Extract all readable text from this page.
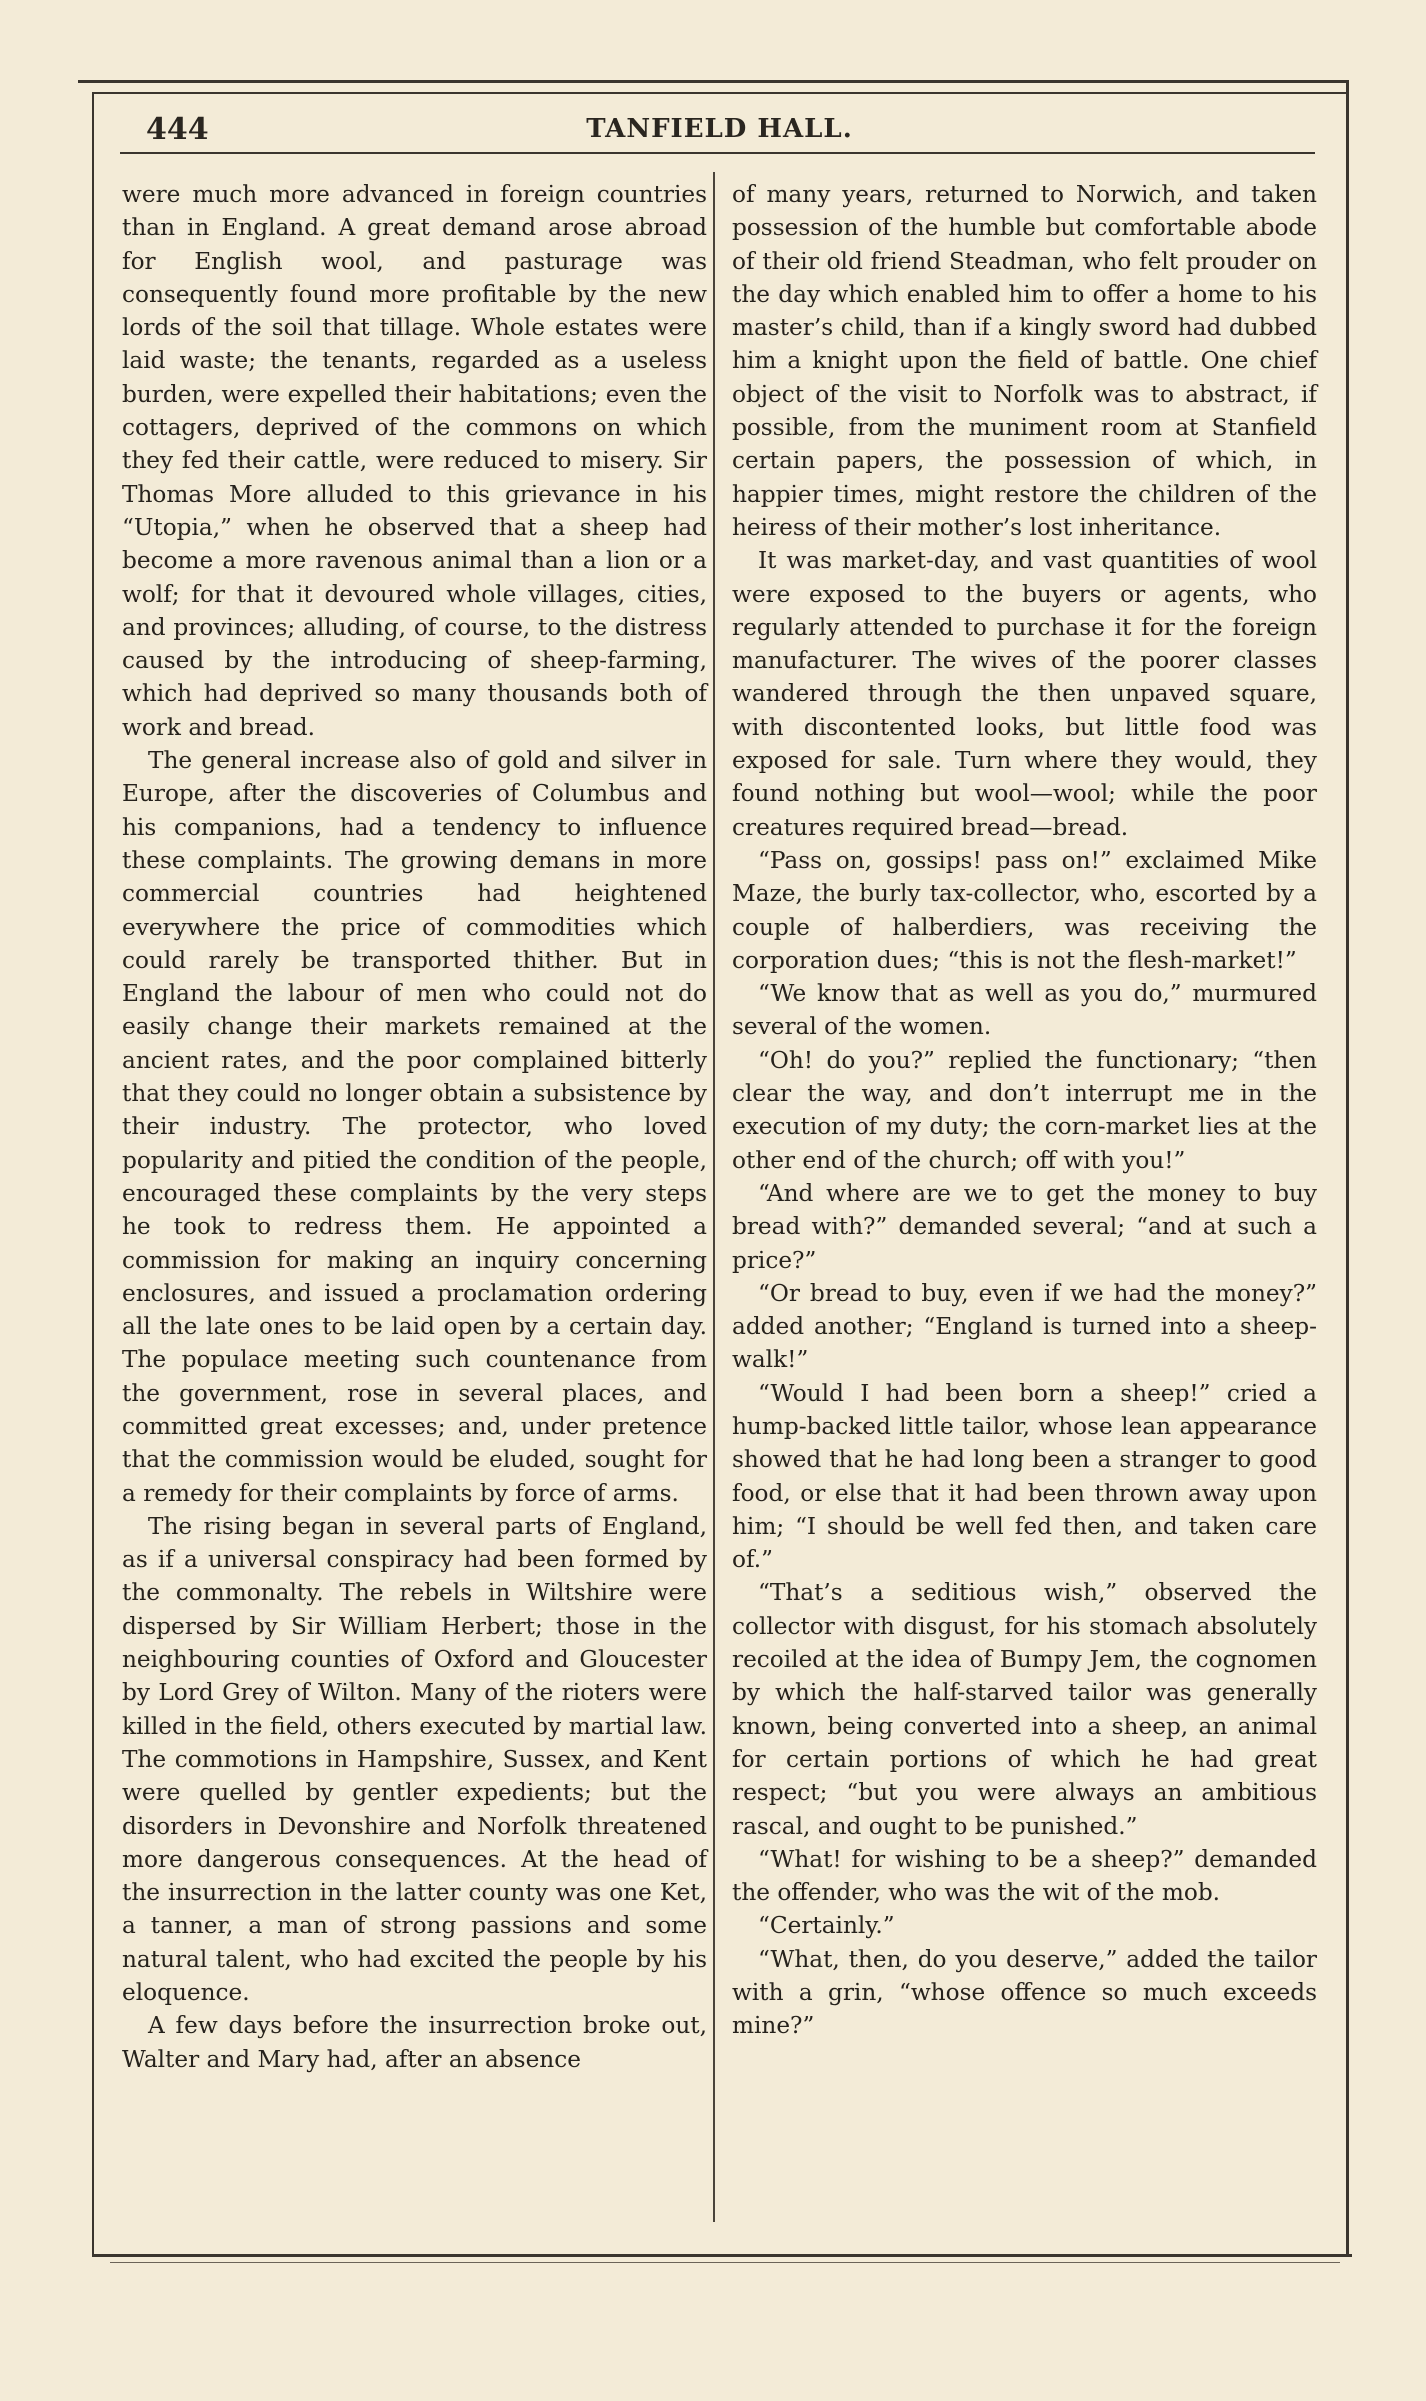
444	TANFIELD HALL.

were much more advanced in foreign countries than in England. A great demand arose abroad for English wool, and pasturage was consequently found more profitable by the new lords of the soil that tillage. Whole estates were laid waste; the tenants, regarded as a useless burden, were expelled their habitations; even the cottagers, deprived of the commons on which they fed their cattle, were reduced to misery. Sir Thomas More alluded to this grievance in his “Utopia,” when he observed that a sheep had become a more ravenous animal than a lion or a wolf; for that it devoured whole villages, cities, and provinces; alluding, of course, to the distress caused by the introducing of sheep-farming, which had deprived so many thousands both of work and bread.

The general increase also of gold and silver in Europe, after the discoveries of Columbus and his companions, had a tendency to influence these complaints. The growing demans in more commercial countries had heightened everywhere the price of commodities which could rarely be transported thither. But in England the labour of men who could not do easily change their markets remained at the ancient rates, and the poor complained bitterly that they could no longer obtain a subsistence by their industry. The protector, who loved popularity and pitied the condition of the people, encouraged these complaints by the very steps he took to redress them. He appointed a commission for making an inquiry concerning enclosures, and issued a proclamation ordering all the late ones to be laid open by a certain day. The populace meeting such countenance from the government, rose in several places, and committed great excesses; and, under pretence that the commission would be eluded, sought for a remedy for their complaints by force of arms.

The rising began in several parts of England, as if a universal conspiracy had been formed by the commonalty. The rebels in Wiltshire were dispersed by Sir William Herbert; those in the neighbouring counties of Oxford and Gloucester by Lord Grey of Wilton. Many of the rioters were killed in the field, others executed by martial law. The commotions in Hampshire, Sussex, and Kent were quelled by gentler expedients; but the disorders in Devonshire and Norfolk threatened more dangerous consequences. At the head of the insurrection in the latter county was one Ket, a tanner, a man of strong passions and some natural talent, who had excited the people by his eloquence.

A few days before the insurrection broke out, Walter and Mary had, after an absence

of many years, returned to Norwich, and taken possession of the humble but comfortable abode of their old friend Steadman, who felt prouder on the day which enabled him to offer a home to his master’s child, than if a kingly sword had dubbed him a knight upon the field of battle. One chief object of the visit to Norfolk was to abstract, if possible, from the muniment room at Stanfield certain papers, the possession of which, in happier times, might restore the children of the heiress of their mother’s lost inheritance.

It was market-day, and vast quantities of wool were exposed to the buyers or agents, who regularly attended to purchase it for the foreign manufacturer. The wives of the poorer classes wandered through the then unpaved square, with discontented looks, but little food was exposed for sale. Turn where they would, they found nothing but wool—wool; while the poor creatures required bread—bread.

“Pass on, gossips! pass on!” exclaimed Mike Maze, the burly tax-collector, who, escorted by a couple of halberdiers, was receiving the corporation dues; “this is not the flesh-market!”

“We know that as well as you do,” murmured several of the women.

“Oh! do you?” replied the functionary; “then clear the way, and don’t interrupt me in the execution of my duty; the corn-market lies at the other end of the church; off with you!”

“And where are we to get the money to buy bread with?” demanded several; “and at such a price?”

“Or bread to buy, even if we had the money?” added another; “England is turned into a sheep-walk!”

“Would I had been born a sheep!” cried a hump-backed little tailor, whose lean appearance showed that he had long been a stranger to good food, or else that it had been thrown away upon him; “I should be well fed then, and taken care of.”

“That’s a seditious wish,” observed the collector with disgust, for his stomach absolutely recoiled at the idea of Bumpy Jem, the cognomen by which the half-starved tailor was generally known, being converted into a sheep, an animal for certain portions of which he had great respect; “but you were always an ambitious rascal, and ought to be punished.”

“What! for wishing to be a sheep?” demanded the offender, who was the wit of the mob.

“Certainly.”

“What, then, do you deserve,” added the tailor with a grin, “whose offence so much exceeds mine?”
